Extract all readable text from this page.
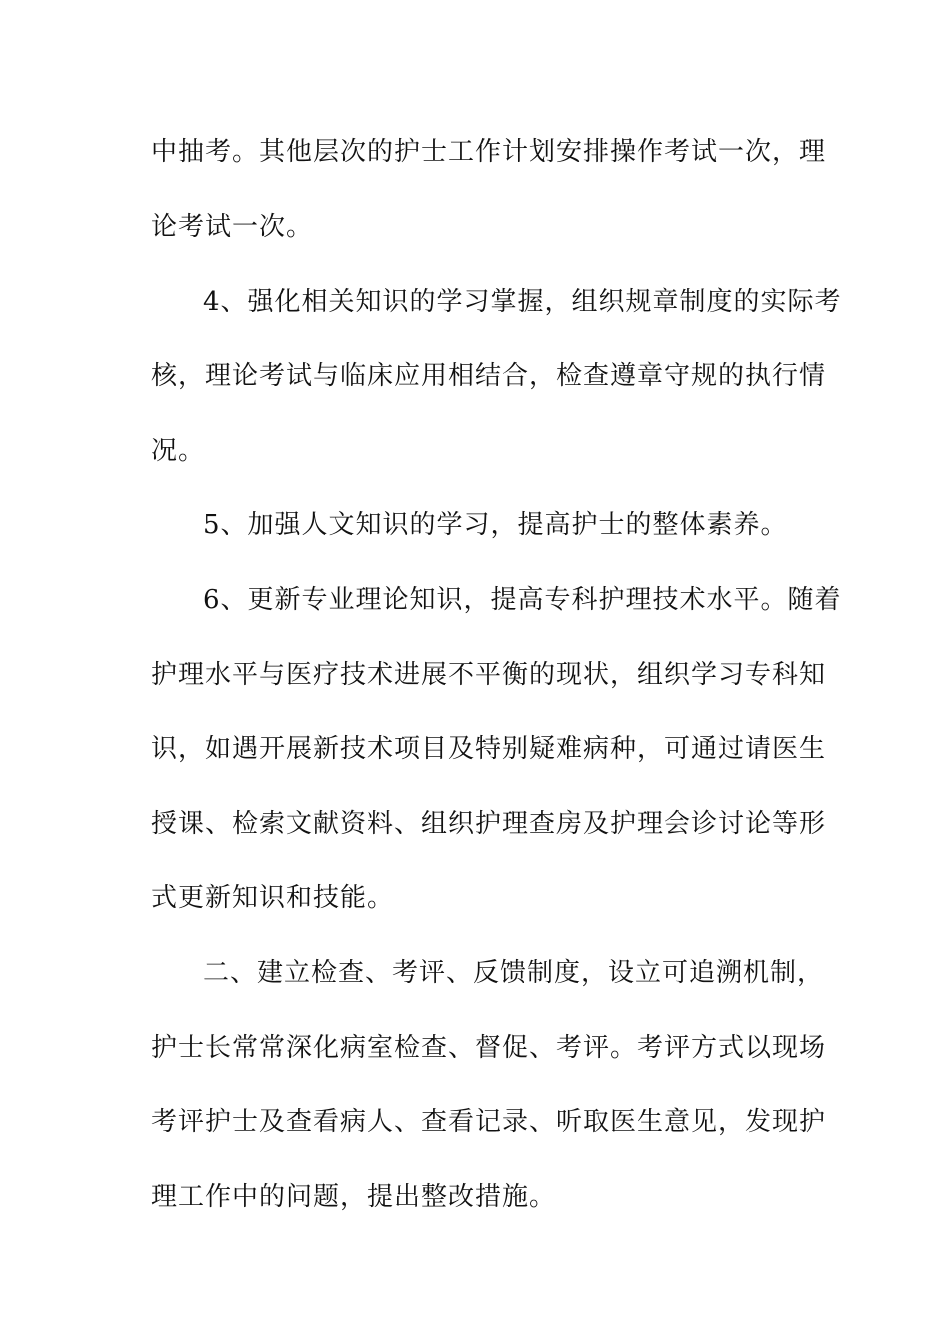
中抽考。其他层次的护士工作计划安排操作考试一次，理
论考试一次。
4、强化相关知识的学习掌握，组织规章制度的实际考
核，理论考试与临床应用相结合，检查遵章守规的执行情
况。
5、加强人文知识的学习，提高护士的整体素养。
6、更新专业理论知识，提高专科护理技术水平。随着
护理水平与医疗技术进展不平衡的现状，组织学习专科知
识，如遇开展新技术项目及特别疑难病种，可通过请医生
授课、检索文献资料、组织护理查房及护理会诊讨论等形
式更新知识和技能。
二、建立检查、考评、反馈制度，设立可追溯机制，
护士长常常深化病室检查、督促、考评。考评方式以现场
考评护士及查看病人、查看记录、听取医生意见，发现护
理工作中的问题，提出整改措施。
